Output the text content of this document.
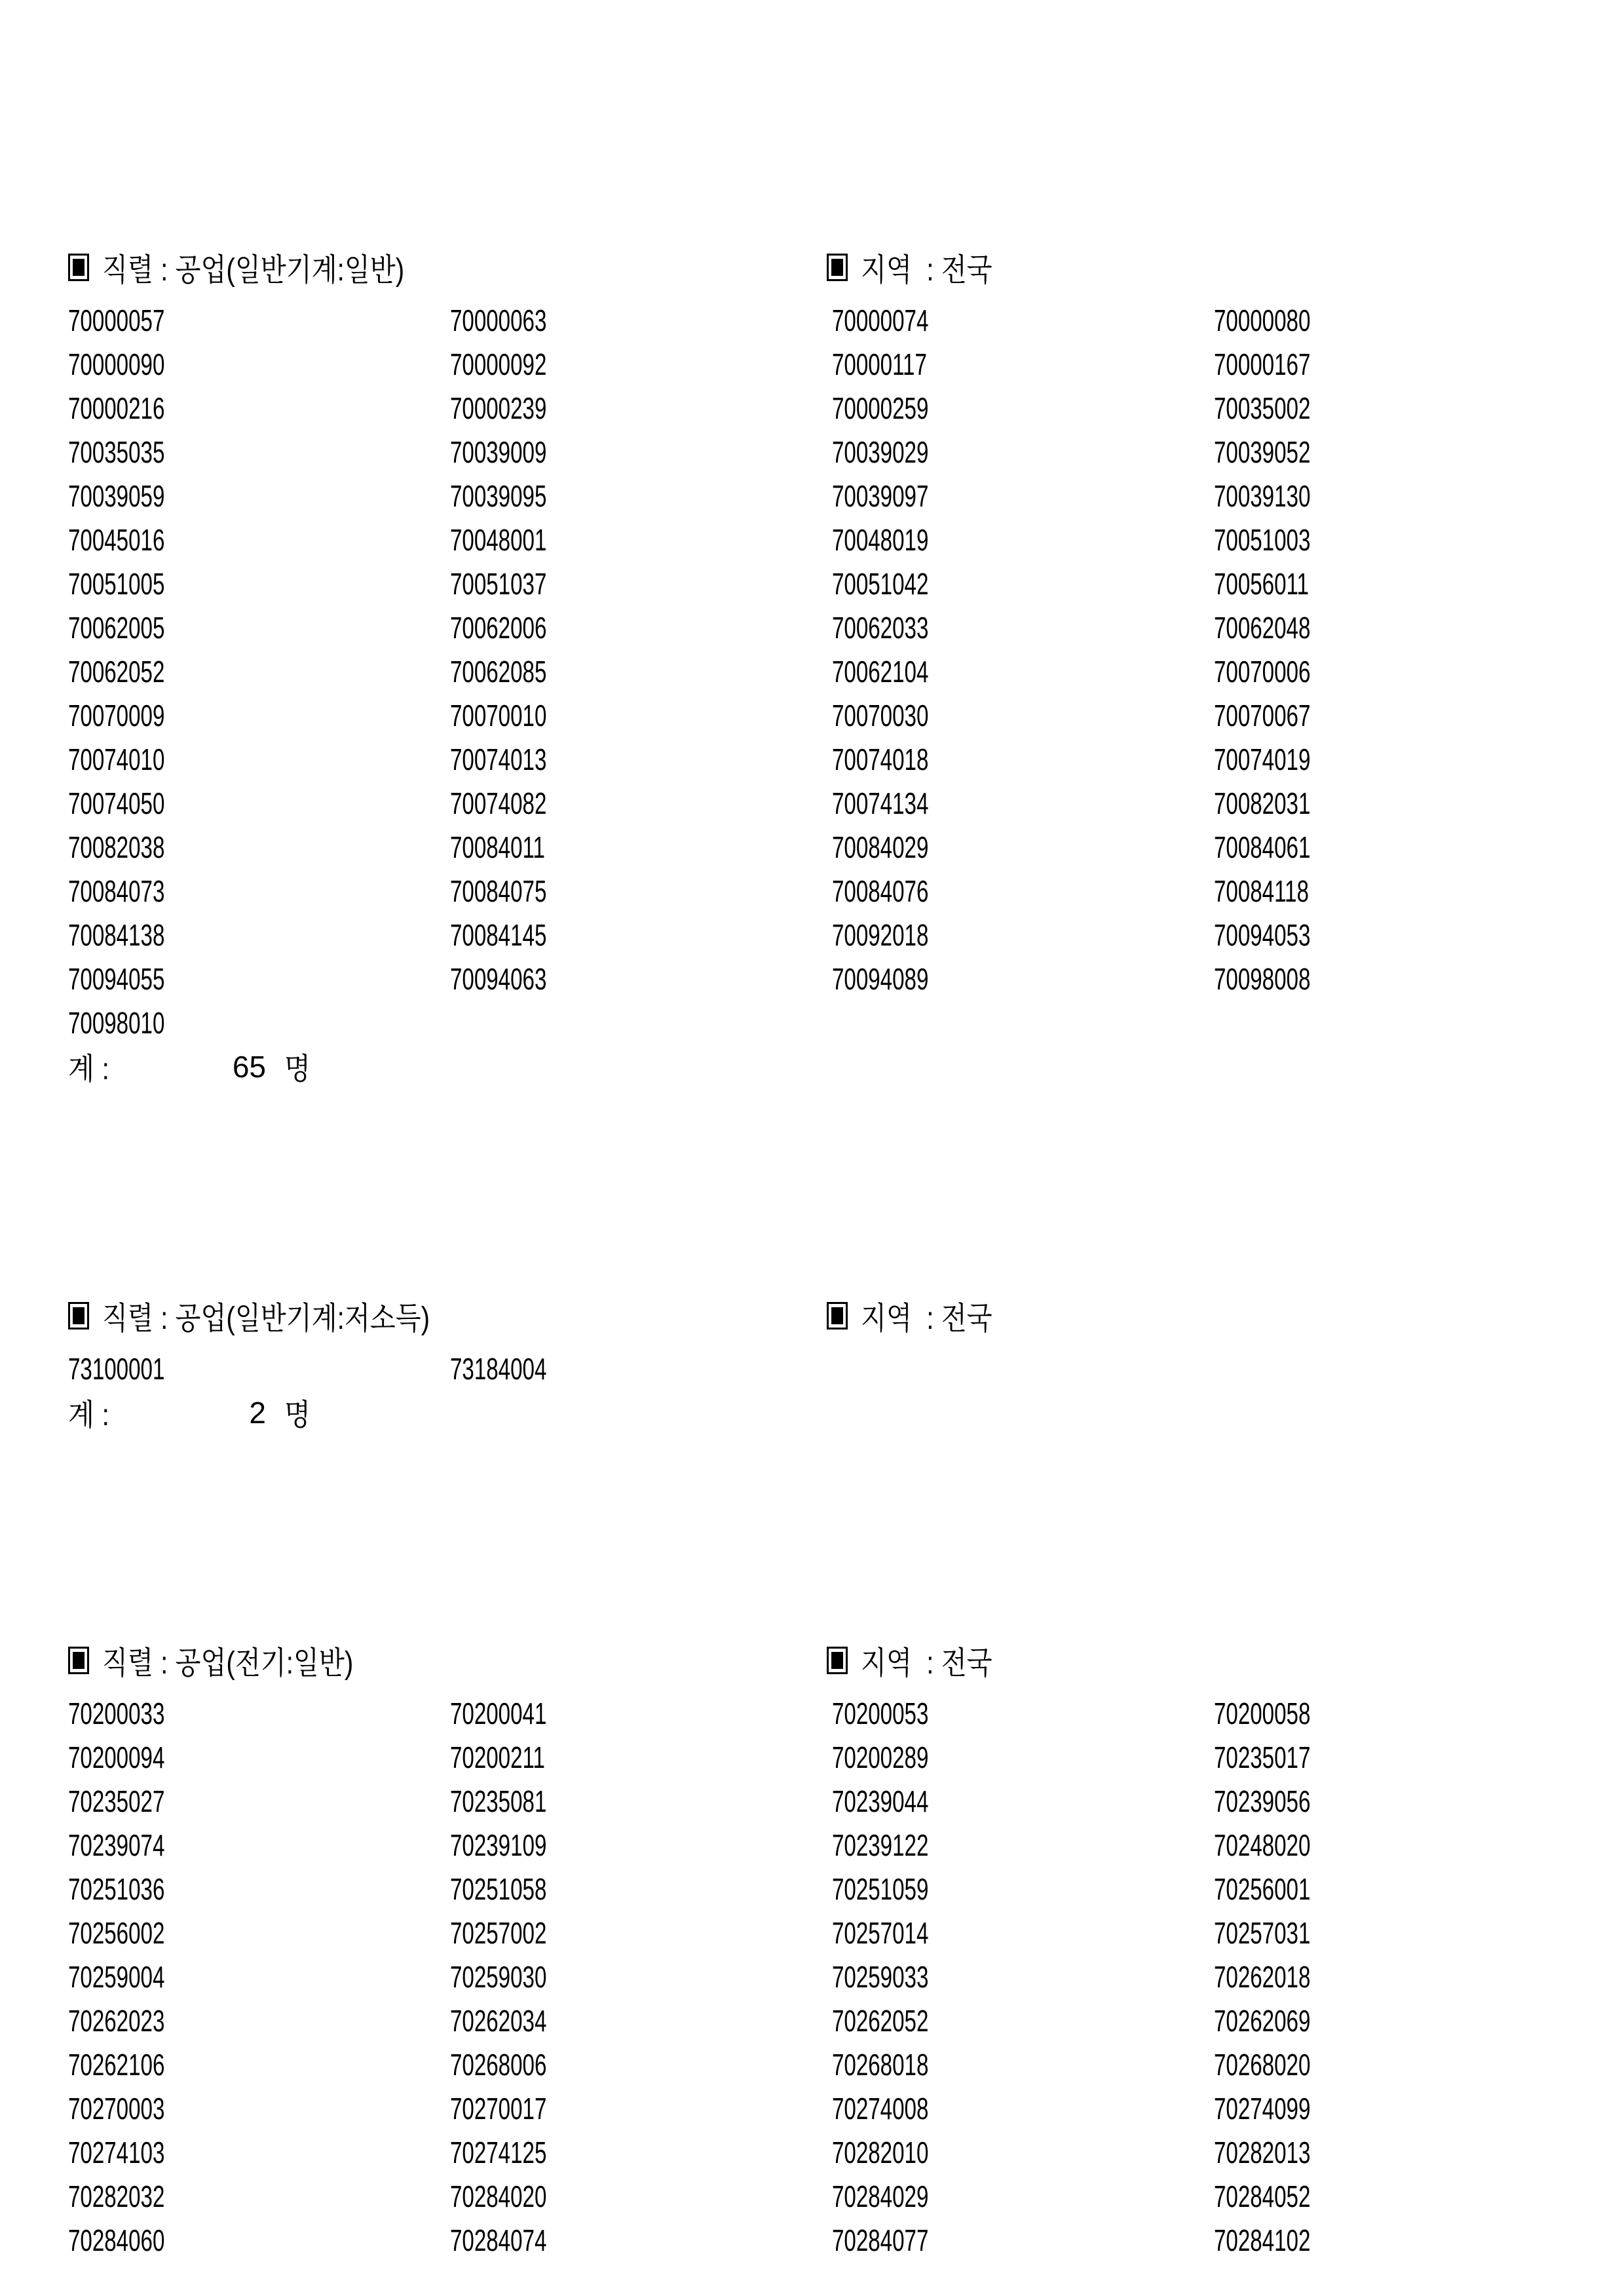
직렬 : 공업(일반기계:일반)	지역  : 전국
70000057	70000063	70000074	70000080
70000090	70000092	70000117	70000167
70000216	70000239	70000259	70035002
70035035	70039009	70039029	70039052
70039059	70039095	70039097	70039130
70045016	70048001	70048019	70051003
70051005	70051037	70051042	70056011
70062005	70062006	70062033	70062048
70062052	70062085	70062104	70070006
70070009	70070010	70070030	70070067
70074010	70074013	70074018	70074019
70074050	70074082	70074134	70082031
70082038	70084011	70084029	70084061
70084073	70084075	70084076	70084118
70084138	70084145	70092018	70094053
70094055	70094063	70094089	70098008
70098010
계 :	65 명
직렬 : 공업(일반기계:저소득)	지역  : 전국
73100001	73184004
계 :	2 명
직렬 : 공업(전기:일반)	지역  : 전국
70200033	70200041	70200053	70200058
70200094	70200211	70200289	70235017
70235027	70235081	70239044	70239056
70239074	70239109	70239122	70248020
70251036	70251058	70251059	70256001
70256002	70257002	70257014	70257031
70259004	70259030	70259033	70262018
70262023	70262034	70262052	70262069
70262106	70268006	70268018	70268020
70270003	70270017	70274008	70274099
70274103	70274125	70282010	70282013
70282032	70284020	70284029	70284052
70284060	70284074	70284077	70284102
